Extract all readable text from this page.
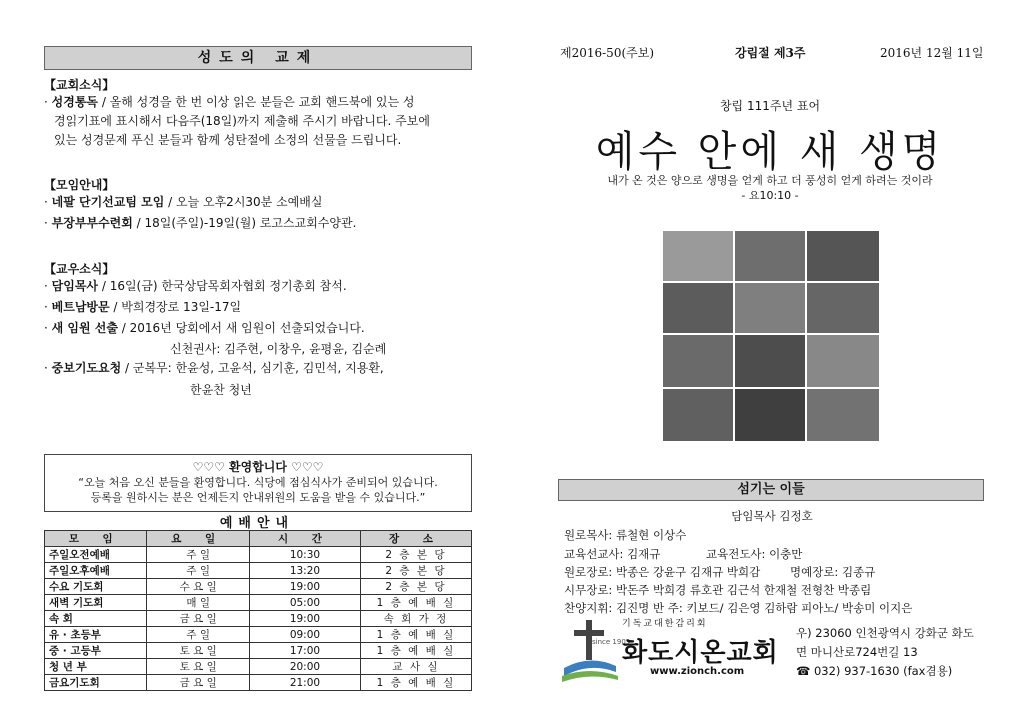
성도의 교제
【교회소식】
· 성경통독 / 올해 성경을 한 번 이상 읽은 분들은 교회 핸드북에 있는 성
경읽기표에 표시해서 다음주(18일)까지 제출해 주시기 바랍니다. 주보에
있는 성경문제 푸신 분들과 함께 성탄절에 소정의 선물을 드립니다.
【모임안내】
· 네팔 단기선교팀 모임 / 오늘 오후2시30분 소예배실
· 부장부부수련회 / 18일(주일)-19일(월) 로고스교회수양관.
【교우소식】
· 담임목사 / 16일(금) 한국상담목회자협회 정기총회 참석.
· 베트남방문 / 박희경장로 13일-17일
· 새 임원 선출 / 2016년 당회에서 새 임원이 선출되었습니다.
신천권사: 김주현, 이창우, 윤평윤, 김순례
· 중보기도요청 / 군복무: 한윤성, 고윤석, 심기훈, 김민석, 지용환,
한윤찬 청년
♡♡♡ 환영합니다 ♡♡♡
“오늘 처음 오신 분들을 환영합니다. 식당에 점심식사가 준비되어 있습니다.
등록을 원하시는 분은 언제든지 안내위원의 도움을 받을 수 있습니다.”
예배안내
모 임	요 일	시 간	장 소
주일오전예배	주 일	10:30	2 층 본 당
주일오후예배	주 일	13:20	2 층 본 당
수요 기도회	수 요 일	19:00	2 층 본 당
새벽 기도회	매 일	05:00	1 층 예 배 실
속 회	금 요 일	19:00	속 회 가 정
유 · 초등부	주 일	09:00	1 층 예 배 실
중 · 고등부	토 요 일	17:00	1 층 예 배 실
청 년 부	토 요 일	20:00	교 사 실
금요기도회	금 요 일	21:00	1 층 예 배 실
제2016-50(주보)	강림절 제3주	2016년 12월 11일
창립 111주년 표어
예수 안에 새 생명
내가 온 것은 양으로 생명을 얻게 하고 더 풍성히 얻게 하려는 것이라
- 요10:10 -
섬기는 이들
담임목사 김정호
원로목사: 류철현 이상수
교육선교사: 김재규	교육전도사: 이충만
원로장로: 박종은 강윤구 김재규 박희감	명예장로: 김종규
시무장로: 박돈주 박희경 류호관 김근석 한재철 전형찬 박종림
찬양지휘: 김진명 반 주: 키보드/ 김은영 김하람 피아노/ 박송미 이지은
기독교대한감리회
since 1905
화도시온교회
www.zionch.com
우) 23060 인천광역시 강화군 화도
면 마니산로724번길 13
☎ 032) 937-1630 (fax겸용)
